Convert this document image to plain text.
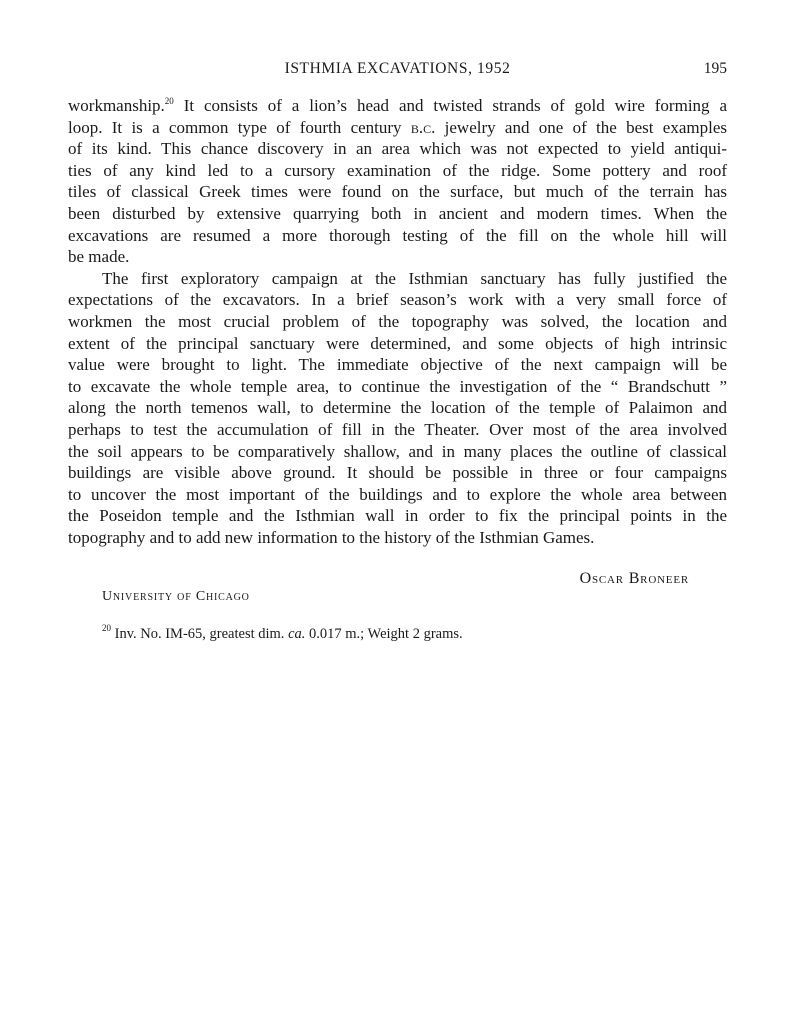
ISTHMIA EXCAVATIONS, 1952	195
workmanship.$^{20}$ It consists of a lion’s head and twisted strands of gold wire forming a
loop. It is a common type of fourth century b.c. jewelry and one of the best examples
of its kind. This chance discovery in an area which was not expected to yield antiqui-
ties of any kind led to a cursory examination of the ridge. Some pottery and roof
tiles of classical Greek times were found on the surface, but much of the terrain has
been disturbed by extensive quarrying both in ancient and modern times. When the
excavations are resumed a more thorough testing of the fill on the whole hill will
be made.
The first exploratory campaign at the Isthmian sanctuary has fully justified the
expectations of the excavators. In a brief season’s work with a very small force of
workmen the most crucial problem of the topography was solved, the location and
extent of the principal sanctuary were determined, and some objects of high intrinsic
value were brought to light. The immediate objective of the next campaign will be
to excavate the whole temple area, to continue the investigation of the “ Brandschutt ”
along the north temenos wall, to determine the location of the temple of Palaimon and
perhaps to test the accumulation of fill in the Theater. Over most of the area involved
the soil appears to be comparatively shallow, and in many places the outline of classical
buildings are visible above ground. It should be possible in three or four campaigns
to uncover the most important of the buildings and to explore the whole area between
the Poseidon temple and the Isthmian wall in order to fix the principal points in the
topography and to add new information to the history of the Isthmian Games.
Oscar Broneer
University of Chicago
$^{20}$ Inv. No. IM-65, greatest dim. ca. 0.017 m.; Weight 2 grams.
